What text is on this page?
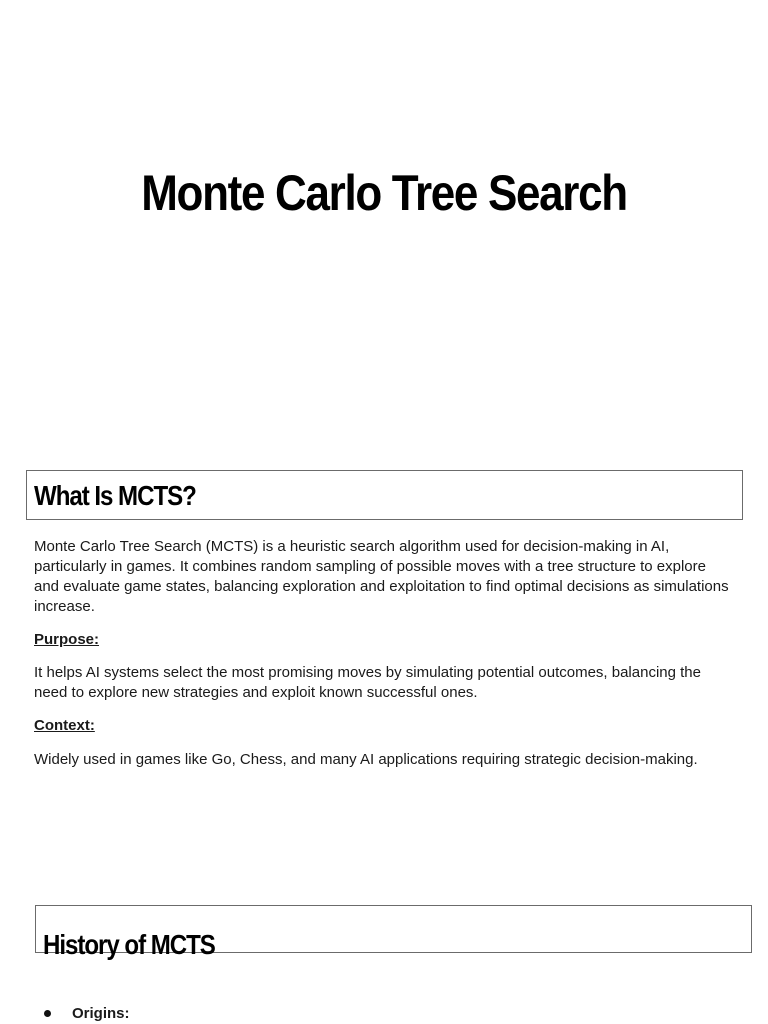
Monte Carlo Tree Search
What Is MCTS?
Monte Carlo Tree Search (MCTS) is a heuristic search algorithm used for decision-making in AI, particularly in games. It combines random sampling of possible moves with a tree structure to explore and evaluate game states, balancing exploration and exploitation to find optimal decisions as simulations increase.
Purpose:
It helps AI systems select the most promising moves by simulating potential outcomes, balancing the need to explore new strategies and exploit known successful ones.
Context:
Widely used in games like Go, Chess, and many AI applications requiring strategic decision-making.
History of MCTS
Origins:
